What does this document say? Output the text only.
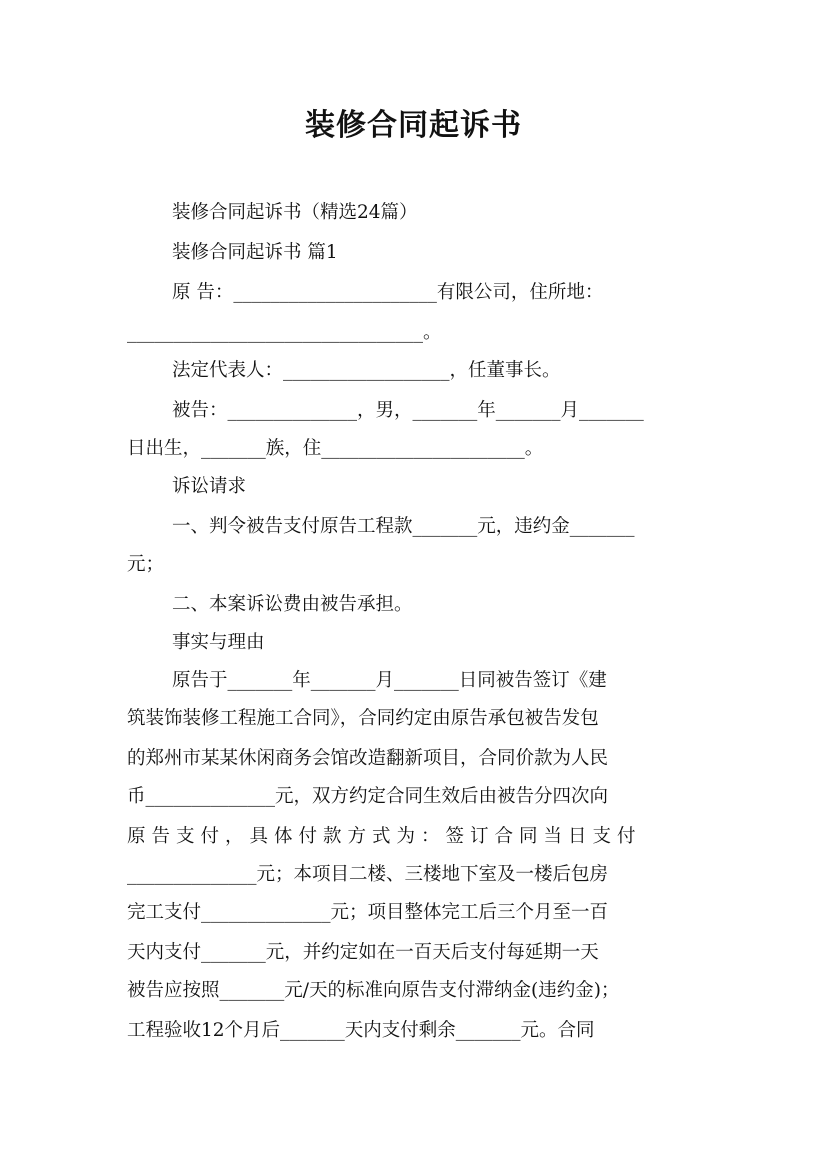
装修合同起诉书
装修合同起诉书（精选24篇）
装修合同起诉书 篇1
原 告：______________________有限公司，住所地：
________________________________。
法定代表人：__________________，任董事长。
被告：______________，男，_______年_______月_______
日出生，_______族，住______________________。
诉讼请求
一、判令被告支付原告工程款_______元，违约金_______
元；
二、本案诉讼费由被告承担。
事实与理由
原告于_______年_______月_______日同被告签订《建
筑装饰装修工程施工合同》，合同约定由原告承包被告发包
的郑州市某某休闲商务会馆改造翻新项目，合同价款为人民
币______________元，双方约定合同生效后由被告分四次向
原告支付，具体付款方式为：签订合同当日支付
______________元；本项目二楼、三楼地下室及一楼后包房
完工支付______________元；项目整体完工后三个月至一百
天内支付_______元，并约定如在一百天后支付每延期一天
被告应按照_______元/天的标准向原告支付滞纳金(违约金)；
工程验收12个月后_______天内支付剩余_______元。合同
